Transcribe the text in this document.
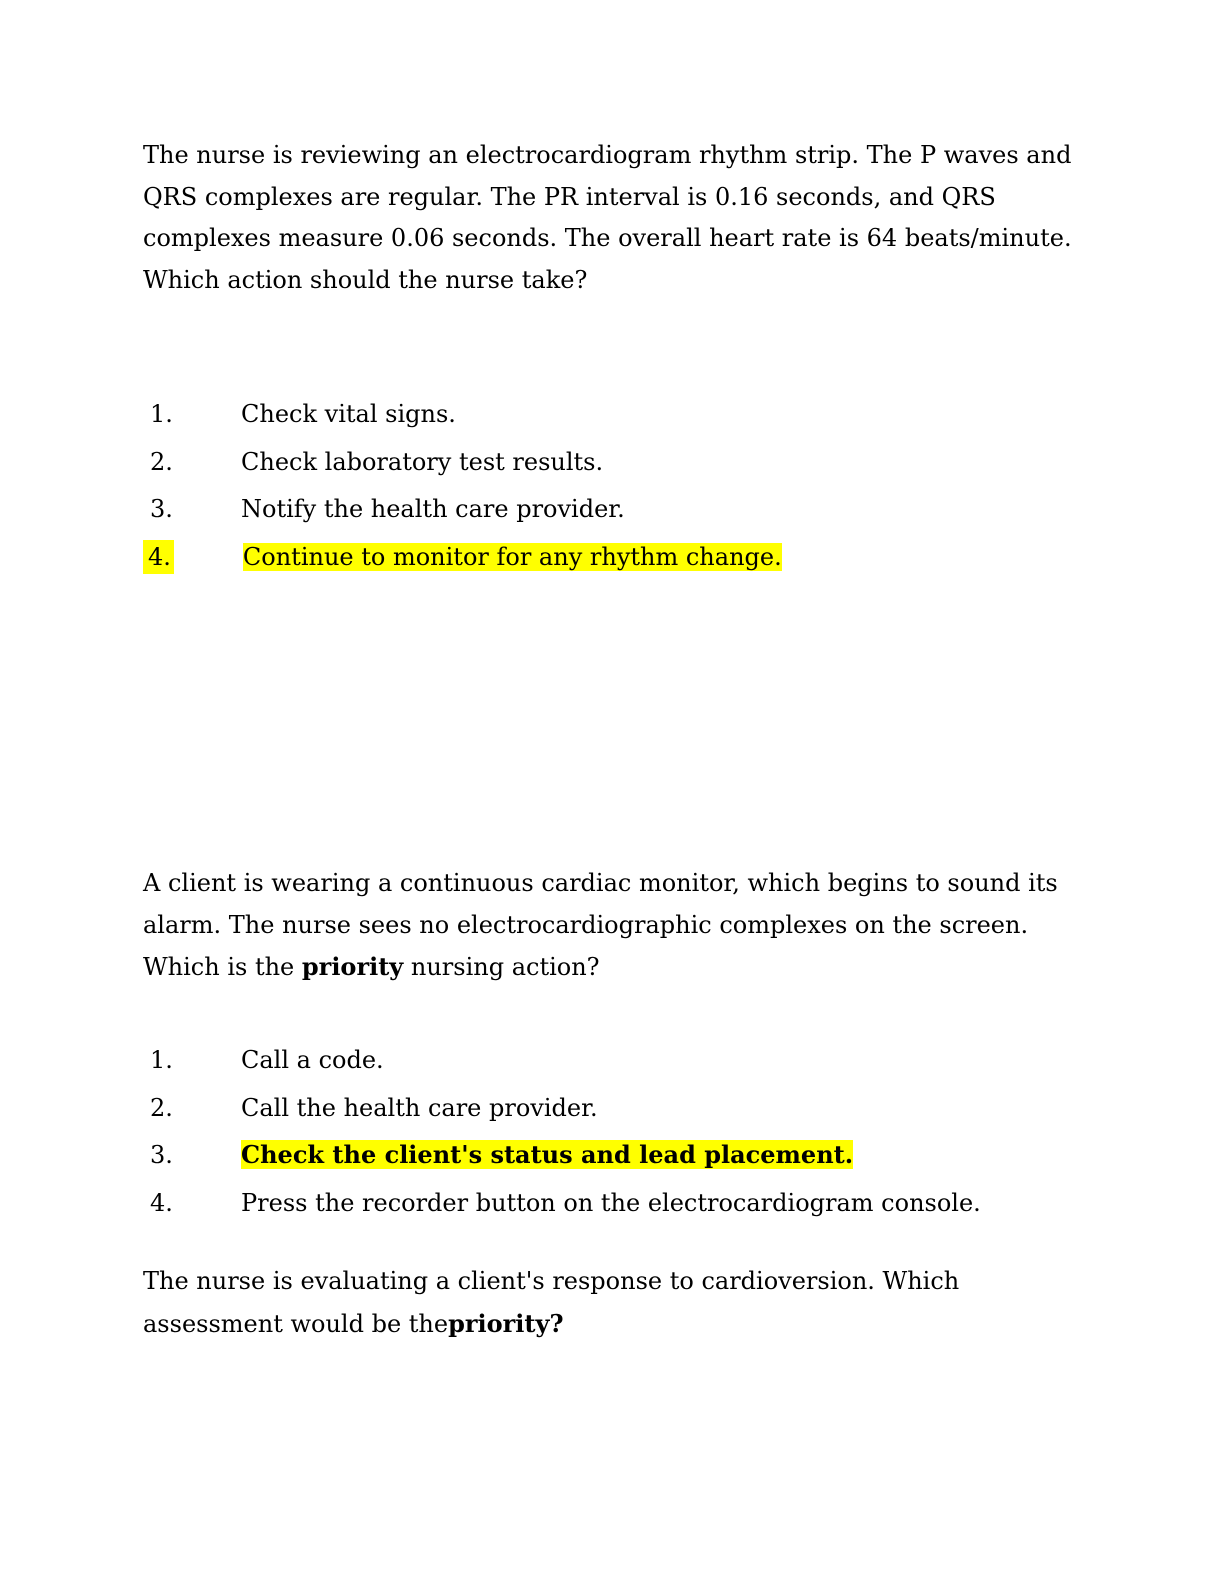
The nurse is reviewing an electrocardiogram rhythm strip. The P waves and QRS complexes are regular. The PR interval is 0.16 seconds, and QRS complexes measure 0.06 seconds. The overall heart rate is 64 beats/minute. Which action should the nurse take?

1.	Check vital signs.
2.	Check laboratory test results.
3.	Notify the health care provider.
4.	Continue to monitor for any rhythm change.

A client is wearing a continuous cardiac monitor, which begins to sound its alarm. The nurse sees no electrocardiographic complexes on the screen. Which is the priority nursing action?

1.	Call a code.
2.	Call the health care provider.
3.	Check the client's status and lead placement.
4.	Press the recorder button on the electrocardiogram console.

The nurse is evaluating a client's response to cardioversion. Which assessment would be thepriority?
